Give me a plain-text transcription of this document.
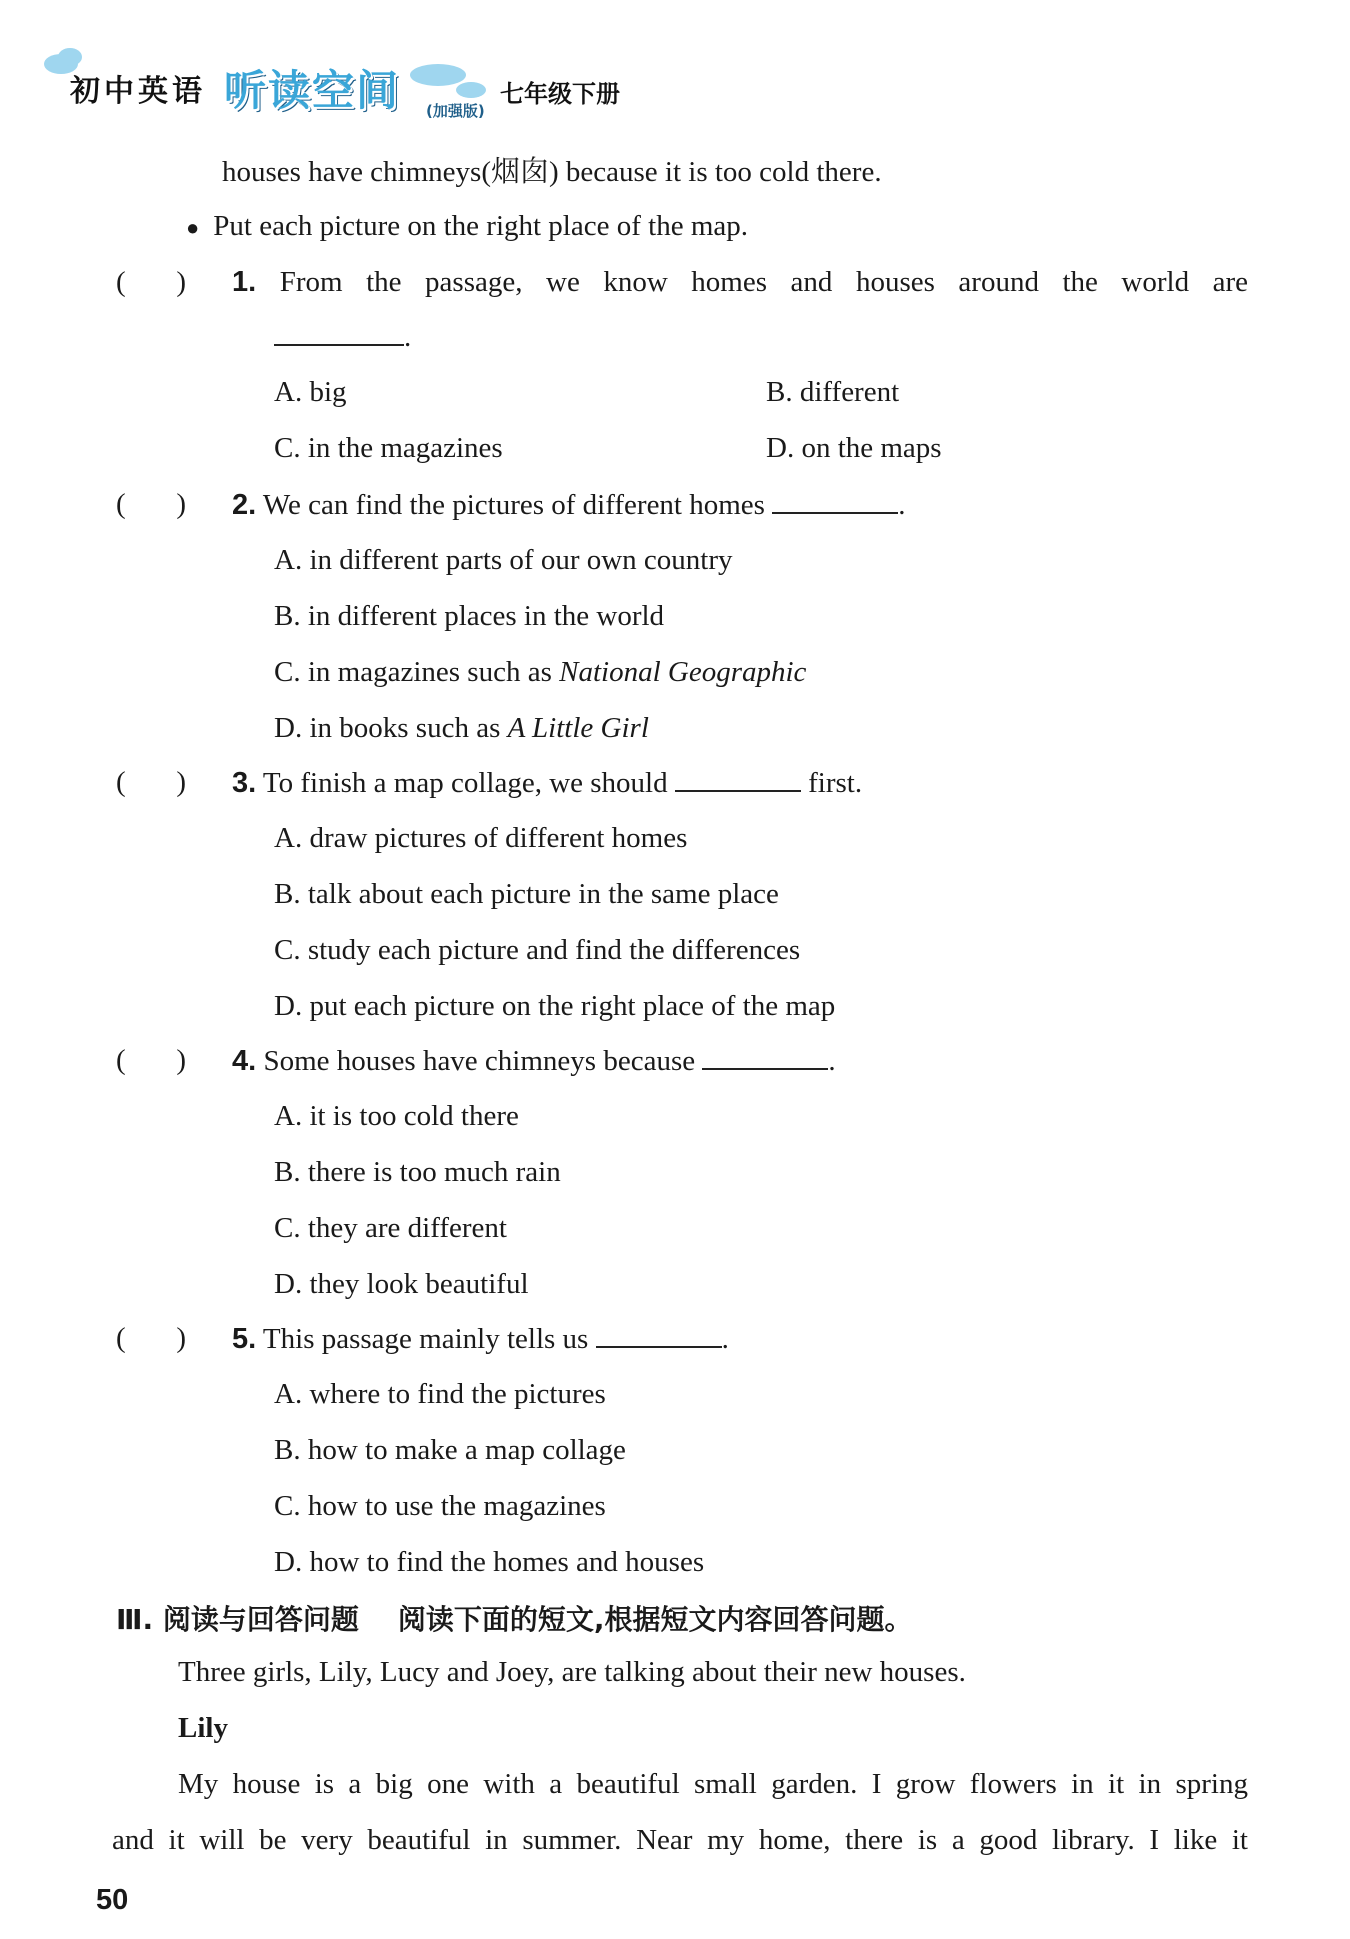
初中英语 听读空间 (加强版)
七年级下册
houses have chimneys(烟囱) because it is too cold there.
● Put each picture on the right place of the map.
(       ) 1. From the passage, we know homes and houses around the world are
.
A. big	B. different
C. in the magazines	D. on the maps
(       ) 2. We can find the pictures of different homes	.
A. in different parts of our own country
B. in different places in the world
C. in magazines such as National Geographic
D. in books such as A Little Girl
(       ) 3. To finish a map collage, we should	first.
A. draw pictures of different homes
B. talk about each picture in the same place
C. study each picture and find the differences
D. put each picture on the right place of the map
(       ) 4. Some houses have chimneys because	.
A. it is too cold there
B. there is too much rain
C. they are different
D. they look beautiful
(       ) 5. This passage mainly tells us	.
A. where to find the pictures
B. how to make a map collage
C. how to use the magazines
D. how to find the homes and houses
Ⅲ. 阅读与回答问题    阅读下面的短文,根据短文内容回答问题。
Three girls, Lily, Lucy and Joey, are talking about their new houses.
Lily
My house is a big one with a beautiful small garden. I grow flowers in it in spring
and it will be very beautiful in summer. Near my home, there is a good library. I like it
50
